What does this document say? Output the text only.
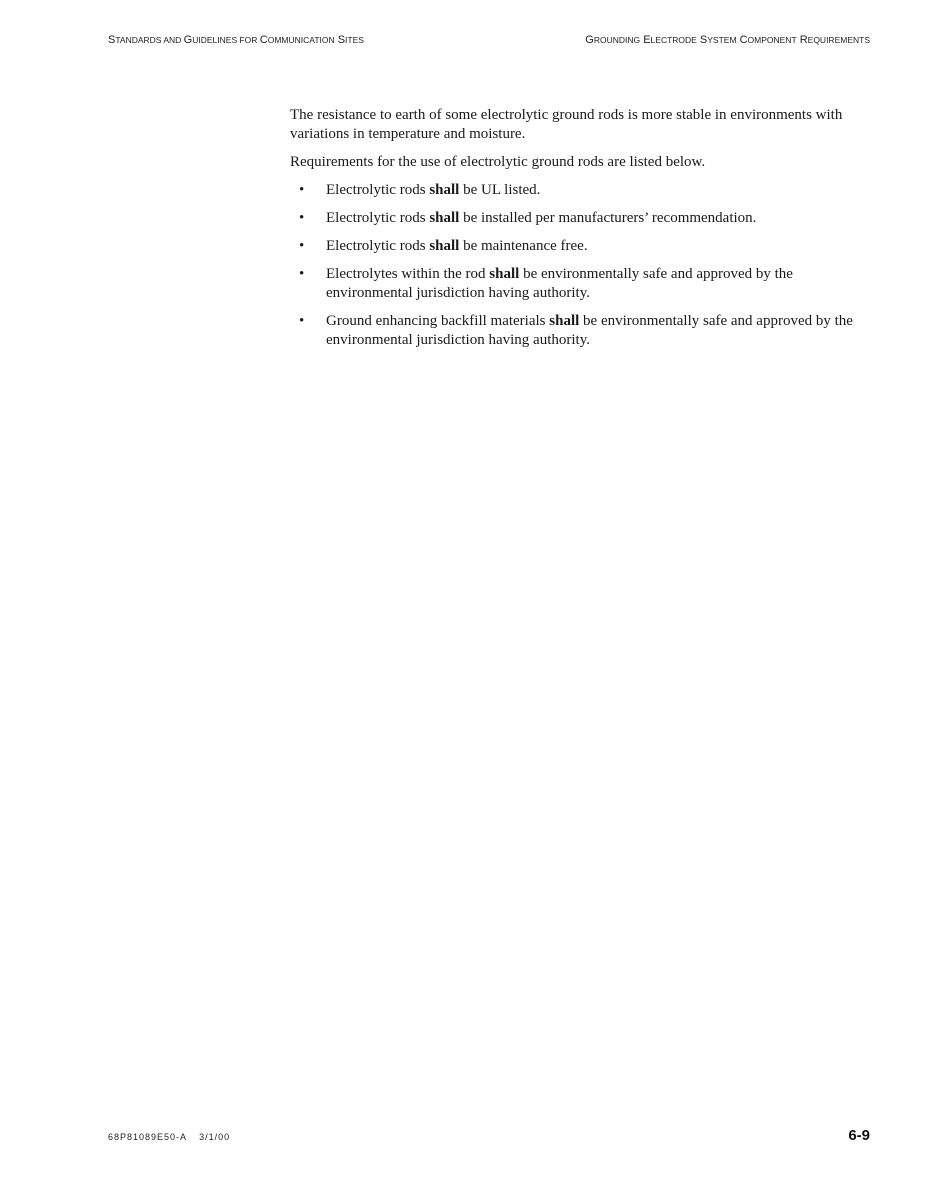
STANDARDS AND GUIDELINES FOR COMMUNICATION SITES	GROUNDING ELECTRODE SYSTEM COMPONENT REQUIREMENTS

The resistance to earth of some electrolytic ground rods is more stable in environments with variations in temperature and moisture.

Requirements for the use of electrolytic ground rods are listed below.

• Electrolytic rods shall be UL listed.
• Electrolytic rods shall be installed per manufacturers’ recommendation.
• Electrolytic rods shall be maintenance free.
• Electrolytes within the rod shall be environmentally safe and approved by the environmental jurisdiction having authority.
• Ground enhancing backfill materials shall be environmentally safe and approved by the environmental jurisdiction having authority.
68P81089E50-A 3/1/00	6-9
